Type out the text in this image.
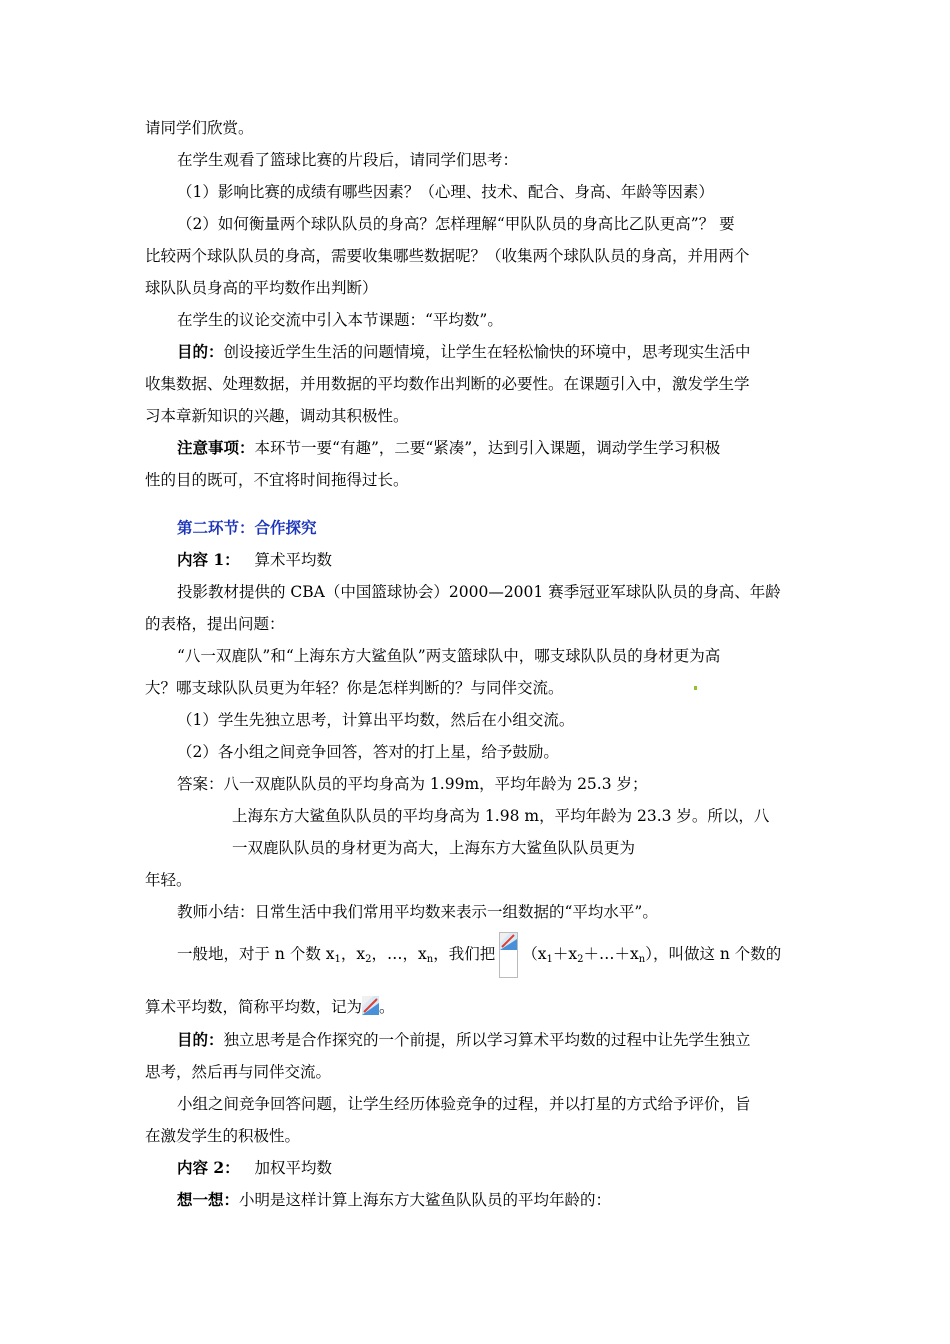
请同学们欣赏。
在学生观看了篮球比赛的片段后，请同学们思考：
（1）影响比赛的成绩有哪些因素？（心理、技术、配合、身高、年龄等因素）
（2）如何衡量两个球队队员的身高？怎样理解“甲队队员的身高比乙队更高”？ 要
比较两个球队队员的身高，需要收集哪些数据呢？（收集两个球队队员的身高，并用两个
球队队员身高的平均数作出判断）
在学生的议论交流中引入本节课题：“平均数”。
目的：创设接近学生生活的问题情境，让学生在轻松愉快的环境中，思考现实生活中
收集数据、处理数据，并用数据的平均数作出判断的必要性。在课题引入中，激发学生学
习本章新知识的兴趣，调动其积极性。
注意事项：本环节一要“有趣”，二要“紧凑”，达到引入课题，调动学生学习积极
性的目的既可，不宜将时间拖得过长。
第二环节：合作探究
内容 1： 算术平均数
投影教材提供的 CBA（中国篮球协会）2000—2001 赛季冠亚军球队队员的身高、年龄
的表格，提出问题：
“八一双鹿队”和“上海东方大鲨鱼队”两支篮球队中，哪支球队队员的身材更为高
大？哪支球队队员更为年轻？你是怎样判断的？与同伴交流。
（1）学生先独立思考，计算出平均数，然后在小组交流。
（2）各小组之间竞争回答，答对的打上星，给予鼓励。
答案：八一双鹿队队员的平均身高为 1.99m，平均年龄为 25.3 岁；
上海东方大鲨鱼队队员的平均身高为 1.98 m，平均年龄为 23.3 岁。所以，八
一双鹿队队员的身材更为高大，上海东方大鲨鱼队队员更为
年轻。
教师小结：日常生活中我们常用平均数来表示一组数据的“平均水平”。
一般地，对于 n 个数 $x_1$，$x_2$，…，$x_n$，我们把 $(x_1+x_2+\dots+x_n)$，叫做这 n 个数的
算术平均数，简称平均数，记为 。
目的：独立思考是合作探究的一个前提，所以学习算术平均数的过程中让先学生独立
思考，然后再与同伴交流。
小组之间竞争回答问题，让学生经历体验竞争的过程，并以打星的方式给予评价，旨
在激发学生的积极性。
内容 2： 加权平均数
想一想：小明是这样计算上海东方大鲨鱼队队员的平均年龄的：
